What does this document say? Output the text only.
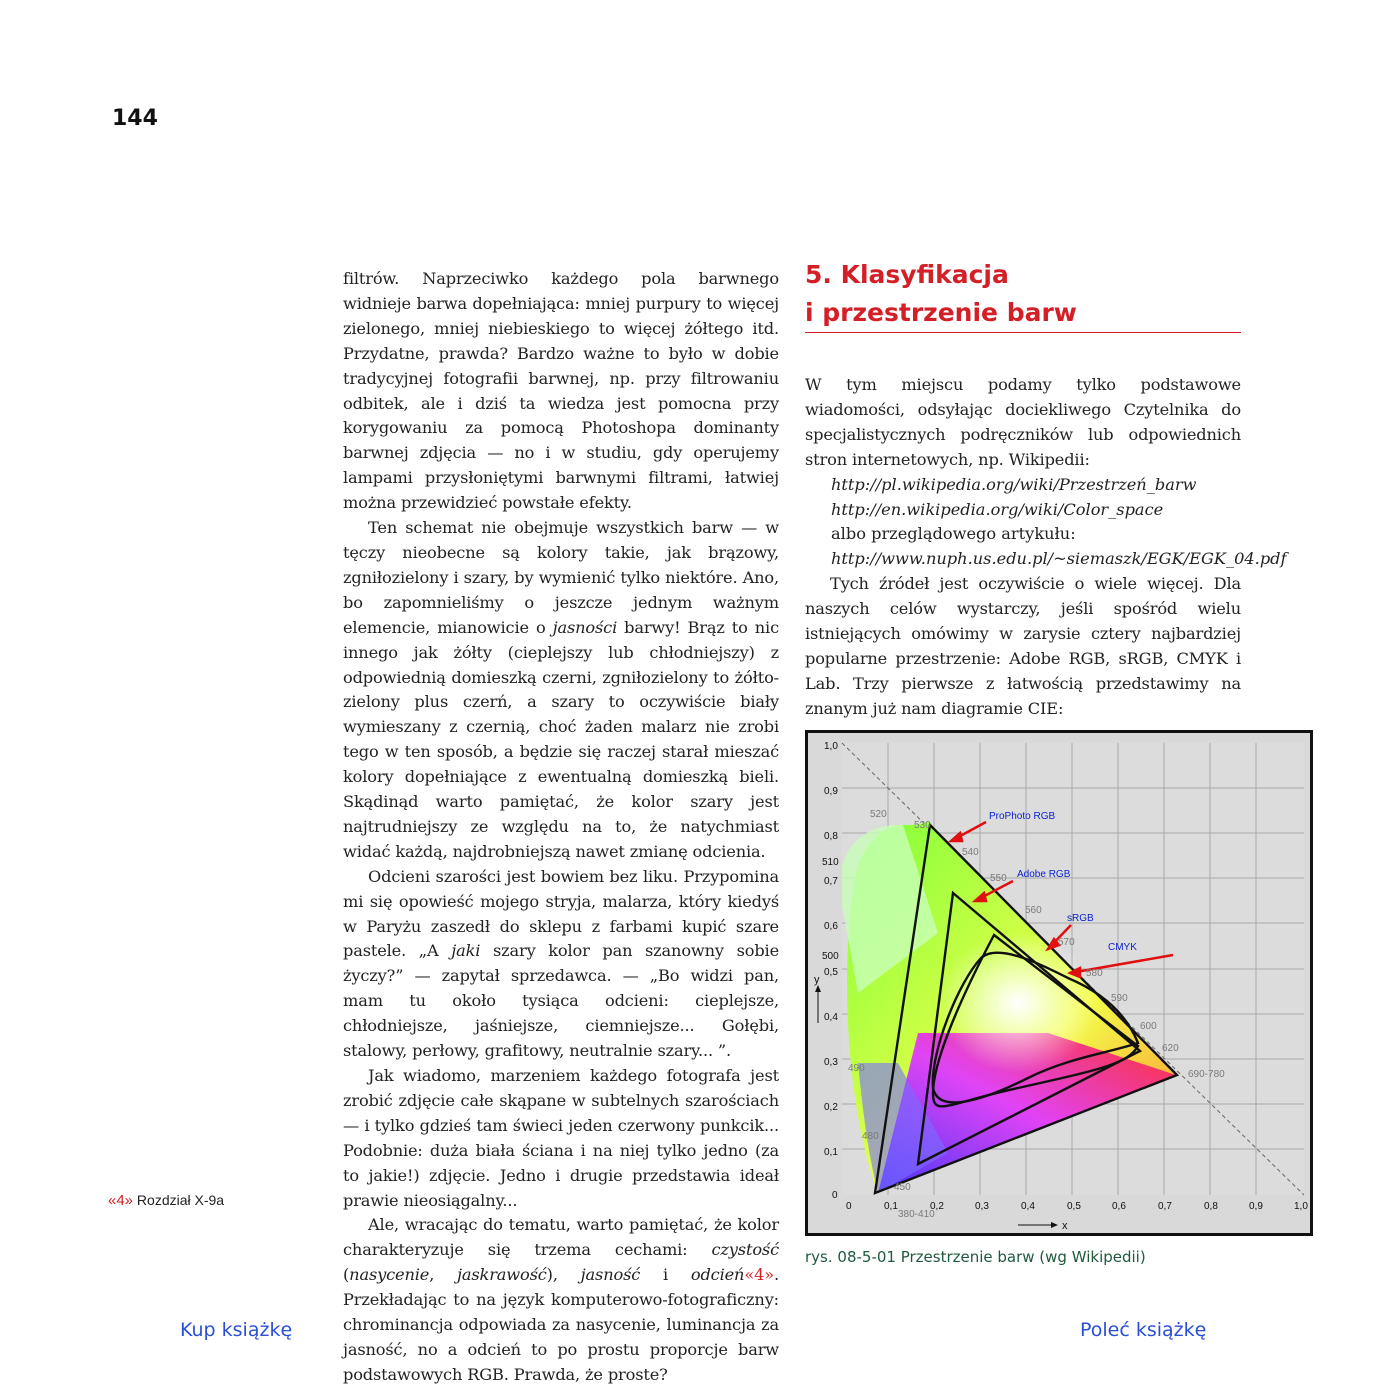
144

filtrów. Naprzeciwko każdego pola barwnego widnieje barwa dopełniająca: mniej purpury to więcej zielonego, mniej niebieskiego to więcej żółtego itd. Przydatne, prawda? Bardzo ważne to było w dobie tradycyjnej fotografii barwnej, np. przy filtrowaniu odbitek, ale i dziś ta wiedza jest pomocna przy korygowaniu za pomocą Photoshopa dominanty barwnej zdjęcia — no i w studiu, gdy operujemy lampami przysłoniętymi barwnymi filtrami, łatwiej można przewidzieć powstałe efekty.

Ten schemat nie obejmuje wszystkich barw — w tęczy nieobecne są kolory takie, jak brązowy, zgniłozielony i szary, by wymienić tylko niektóre. Ano, bo zapomnieliśmy o jeszcze jednym ważnym elemencie, mianowicie o jasności barwy! Brąz to nic innego jak żółty (cieplejszy lub chłodniejszy) z odpowiednią domieszką czerni, zgniłozielony to żółto-zielony plus czerń, a szary to oczywiście biały wymieszany z czernią, choć żaden malarz nie zrobi tego w ten sposób, a będzie się raczej starał mieszać kolory dopełniające z ewentualną domieszką bieli. Skądinąd warto pamiętać, że kolor szary jest najtrudniejszy ze względu na to, że natychmiast widać każdą, najdrobniejszą nawet zmianę odcienia.

Odcieni szarości jest bowiem bez liku. Przypomina mi się opowieść mojego stryja, malarza, który kiedyś w Paryżu zaszedł do sklepu z farbami kupić szare pastele. „A jaki szary kolor pan szanowny sobie życzy?” — zapytał sprzedawca. — „Bo widzi pan, mam tu około tysiąca odcieni: cieplejsze, chłodniejsze, jaśniejsze, ciemniejsze... Gołębi, stalowy, perłowy, grafitowy, neutralnie szary... ”.

Jak wiadomo, marzeniem każdego fotografa jest zrobić zdjęcie całe skąpane w subtelnych szarościach — i tylko gdzieś tam świeci jeden czerwony punkcik... Podobnie: duża biała ściana i na niej tylko jedno (za to jakie!) zdjęcie. Jedno i drugie przedstawia ideał prawie nieosiągalny...

Ale, wracając do tematu, warto pamiętać, że kolor charakteryzuje się trzema cechami: czystość (nasycenie, jaskrawość), jasność i odcień«4». Przekładając to na język komputerowo-fotograficzny: chrominancja odpowiada za nasycenie, luminancja za jasność, no a odcień to po prostu proporcje barw podstawowych RGB. Prawda, że proste?

«4» Rozdział X-9a
5. Klasyfikacja
i przestrzenie barw

W tym miejscu podamy tylko podstawowe wiadomości, odsyłając dociekliwego Czytelnika do specjalistycznych podręczników lub odpowiednich stron internetowych, np. Wikipedii:

http://pl.wikipedia.org/wiki/Przestrzeń_barw
http://en.wikipedia.org/wiki/Color_space
albo przeglądowego artykułu:
http://www.nuph.us.edu.pl/~siemaszk/EGK/EGK_04.pdf

Tych źródeł jest oczywiście o wiele więcej. Dla naszych celów wystarczy, jeśli spośród wielu istniejących omówimy w zarysie cztery najbardziej popularne przestrzenie: Adobe RGB, sRGB, CMYK i Lab. Trzy pierwsze z łatwością przedstawimy na znanym już nam diagramie CIE:

ProPhoto RGB
Adobe RGB
sRGB
CMYK
520
530
540
550
560
570
580
590
600
620
690-780
490
480
450
380-410
1,0
0,9
0,8
0,7
0,6
0,5
0,4
0,3
0,2
0,1
0
510
500
0	0,1	0,2	0,3	0,4	0,5	0,6	0,7	0,8	0,9	1,0
x
y
rys. 08-5-01 Przestrzenie barw (wg Wikipedii)
Kup książkę	Poleć książkę
